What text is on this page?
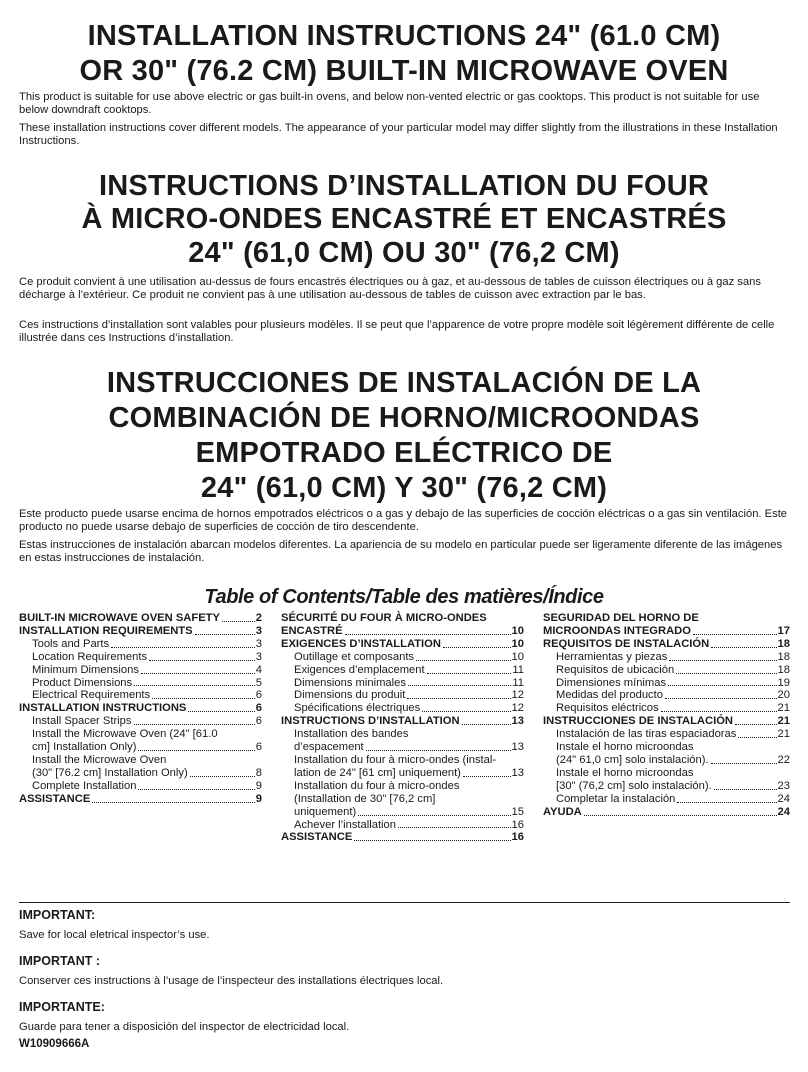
INSTALLATION INSTRUCTIONS 24" (61.0 CM)
OR 30" (76.2 CM) BUILT-IN MICROWAVE OVEN

This product is suitable for use above electric or gas built-in ovens, and below non-vented electric or gas cooktops. This product is not suitable for use below downdraft cooktops.

These installation instructions cover different models. The appearance of your particular model may differ slightly from the illustrations in these Installation Instructions.

INSTRUCTIONS D’INSTALLATION DU FOUR
À MICRO-ONDES ENCASTRÉ ET ENCASTRÉS
24" (61,0 CM) OU 30" (76,2 CM)

Ce produit convient à une utilisation au-dessus de fours encastrés électriques ou à gaz, et au-dessous de tables de cuisson électriques ou à gaz sans décharge à l’extérieur. Ce produit ne convient pas à une utilisation au-dessous de tables de cuisson avec extraction par le bas.

Ces instructions d’installation sont valables pour plusieurs modèles. Il se peut que l’apparence de votre propre modèle soit légèrement différente de celle illustrée dans ces Instructions d’installation.

INSTRUCCIONES DE INSTALACIÓN DE LA
COMBINACIÓN DE HORNO/MICROONDAS
EMPOTRADO ELÉCTRICO DE
24" (61,0 CM) Y 30" (76,2 CM)

Este producto puede usarse encima de hornos empotrados eléctricos o a gas y debajo de las superficies de cocción eléctricas o a gas sin ventilación. Este producto no puede usarse debajo de superficies de cocción de tiro descendente.

Estas instrucciones de instalación abarcan modelos diferentes. La apariencia de su modelo en particular puede ser ligeramente diferente de las imágenes en estas instrucciones de instalación.

Table of Contents/Table des matières/Índice
BUILT-IN MICROWAVE OVEN SAFETY	2
INSTALLATION REQUIREMENTS	3
Tools and Parts	3
Location Requirements	3
Minimum Dimensions	4
Product Dimensions	5
Electrical Requirements	6
INSTALLATION INSTRUCTIONS	6
Install Spacer Strips	6
Install the Microwave Oven (24" [61.0
cm] Installation Only)	6
Install the Microwave Oven
(30" [76.2 cm] Installation Only)	8
Complete Installation	9
ASSISTANCE	9
SÉCURITÉ DU FOUR À MICRO-ONDES
ENCASTRÉ	10
EXIGENCES D’INSTALLATION	10
Outillage et composants	10
Exigences d’emplacement	11
Dimensions minimales	11
Dimensions du produit	12
Spécifications électriques	12
INSTRUCTIONS D’INSTALLATION	13
Installation des bandes
d’espacement	13
Installation du four à micro-ondes (instal-
lation de 24" [61 cm] uniquement)	13
Installation du four à micro-ondes
(Installation de 30" [76,2 cm]
uniquement)	15
Achever l’installation	16
ASSISTANCE	16
SEGURIDAD DEL HORNO DE
MICROONDAS INTEGRADO	17
REQUISITOS DE INSTALACIÓN	18
Herramientas y piezas	18
Requisitos de ubicación	18
Dimensiones mínimas	19
Medidas del producto	20
Requisitos eléctricos	21
INSTRUCCIONES DE INSTALACIÓN	21
Instalación de las tiras espaciadoras	21
Instale el horno microondas
(24" 61,0 cm] solo instalación).	22
Instale el horno microondas
[30" (76,2 cm] solo instalación).	23
Completar la instalación	24
AYUDA	24
IMPORTANT:
Save for local eletrical inspector’s use.
IMPORTANT :
Conserver ces instructions à l’usage de l’inspecteur des installations électriques local.
IMPORTANTE:
Guarde para tener a disposición del inspector de electricidad local.
W10909666A
